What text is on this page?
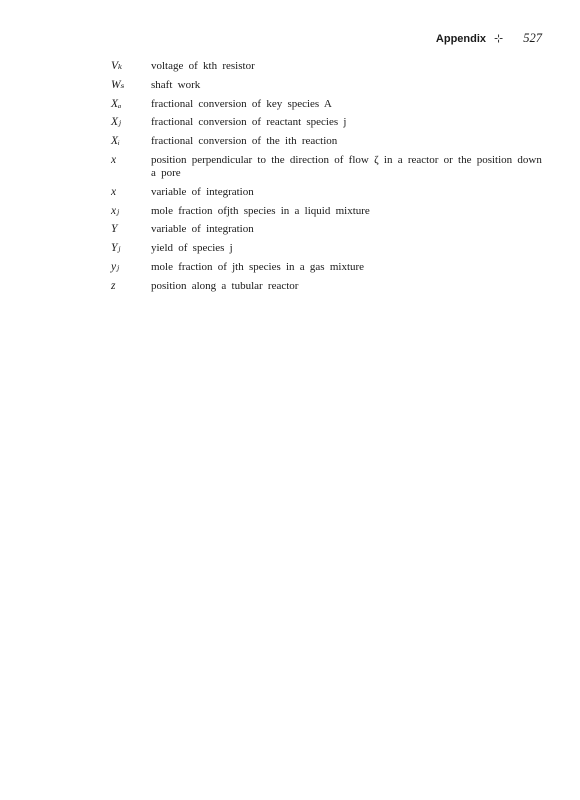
Appendix ⊹ 527
Vₖ	voltage of kth resistor
Wₛ	shaft work
Xₐ	fractional conversion of key species A
Xⱼ	fractional conversion of reactant species j
Xᵢ	fractional conversion of the ith reaction
x	position perpendicular to the direction of flow ζ in a reactor or the position down a pore
x	variable of integration
xⱼ	mole fraction ofjth species in a liquid mixture
Y	variable of integration
Yⱼ	yield of species j
yⱼ	mole fraction of jth species in a gas mixture
z	position along a tubular reactor
